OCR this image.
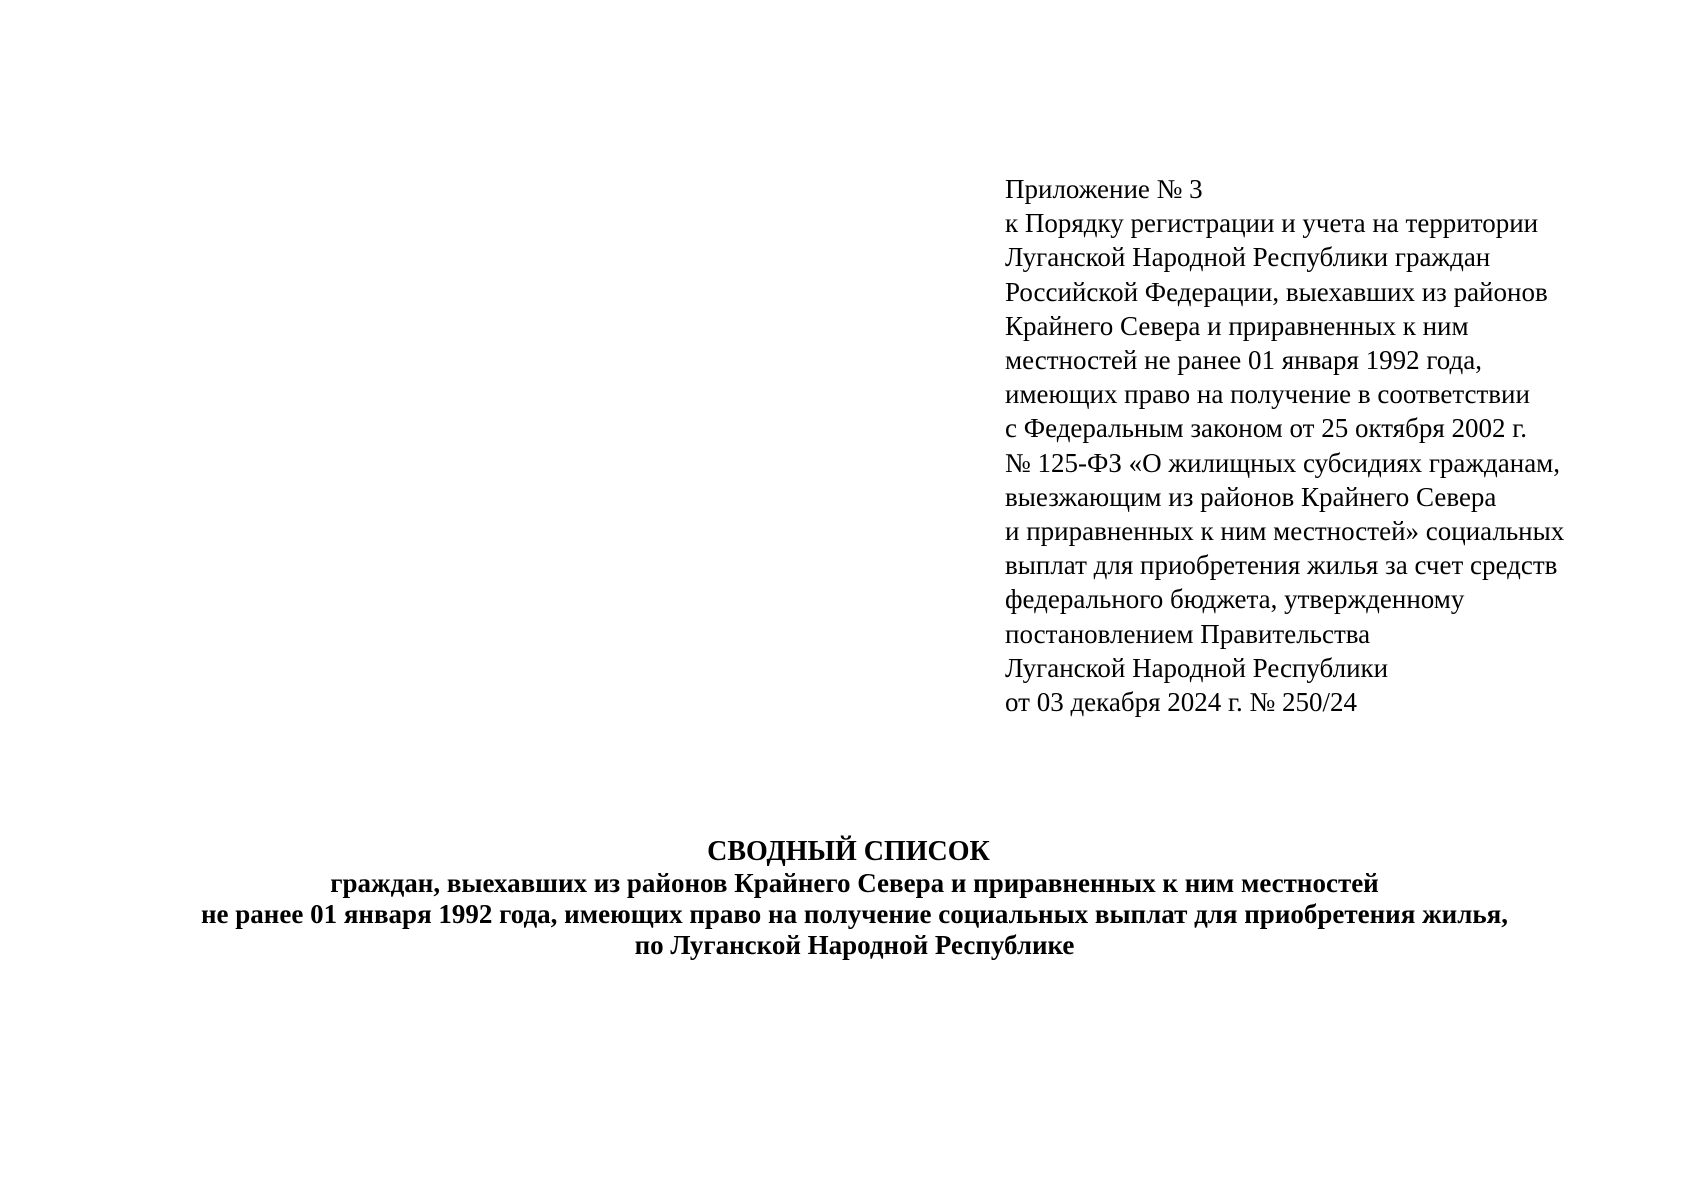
Приложение № 3
к Порядку регистрации и учета на территории
Луганской Народной Республики граждан
Российской Федерации, выехавших из районов
Крайнего Севера и приравненных к ним
местностей не ранее 01 января 1992 года,
имеющих право на получение в соответствии
с Федеральным законом от 25 октября 2002 г.
№ 125-ФЗ «О жилищных субсидиях гражданам,
выезжающим из районов Крайнего Севера
и приравненных к ним местностей» социальных
выплат для приобретения жилья за счет средств
федерального бюджета, утвержденному
постановлением Правительства
Луганской Народной Республики
от 03 декабря 2024 г. № 250/24
СВОДНЫЙ СПИСОК
граждан, выехавших из районов Крайнего Севера и приравненных к ним местностей
не ранее 01 января 1992 года, имеющих право на получение социальных выплат для приобретения жилья,
по Луганской Народной Республике
